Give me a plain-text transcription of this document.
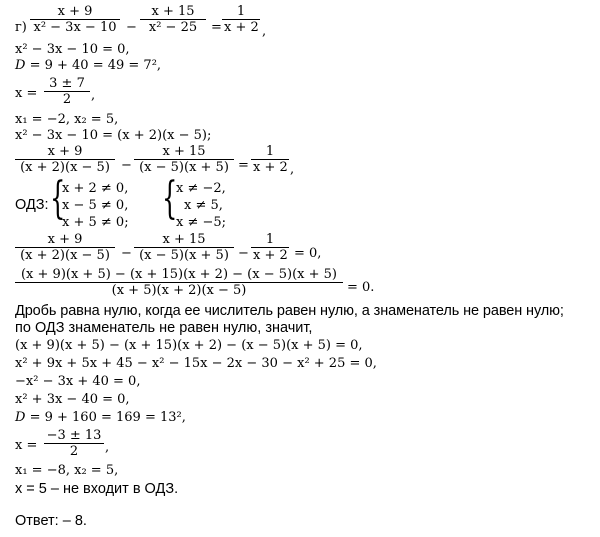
$г) \frac{x + 9}{\text{x² − 3x − 10}} - \frac{x + 15}{\text{x² − 25}} = \frac{1}{x + 2}$ ,
x² − 3x − 10 = 0,
D = 9 + 40 = 49 = 7²,
$x = \frac{3 \pm 7}{2}$ ,
x₁ = −2, x₂ = 5,
x² − 3x − 10 = (x + 2)(x − 5);
$\frac{x + 9}{(x + 2)(x - 5)} - \frac{x + 15}{(x - 5)(x + 5)} = \frac{1}{x + 2}$ ,
ОДЗ: {
x + 2 ≠ 0,
x − 5 ≠ 0,
x + 5 ≠ 0; {
x ≠ −2,
x ≠ 5,
x ≠ −5;
$\frac{x + 9}{(x + 2)(x - 5)} - \frac{x + 15}{(x - 5)(x + 5)} - \frac{1}{x + 2} = 0$,
$\frac{(x + 9)(x + 5) - (x + 15)(x + 2) - (x - 5)(x + 5)}{(x + 5)(x + 2)(x - 5)} = 0$.
Дробь равна нулю, когда ее числитель равен нулю, а знаменатель не равен нулю;
по ОДЗ знаменатель не равен нулю, значит,
(x + 9)(x + 5) − (x + 15)(x + 2) − (x − 5)(x + 5) = 0,
x² + 9x + 5x + 45 − x² − 15x − 2x − 30 − x² + 25 = 0,
−x² − 3x + 40 = 0,
x² + 3x − 40 = 0,
D = 9 + 160 = 169 = 13²,
$x = \frac{-3 \pm 13}{2}$ ,
x₁ = −8, x₂ = 5,
x = 5 – не входит в ОДЗ.
Ответ: – 8.
